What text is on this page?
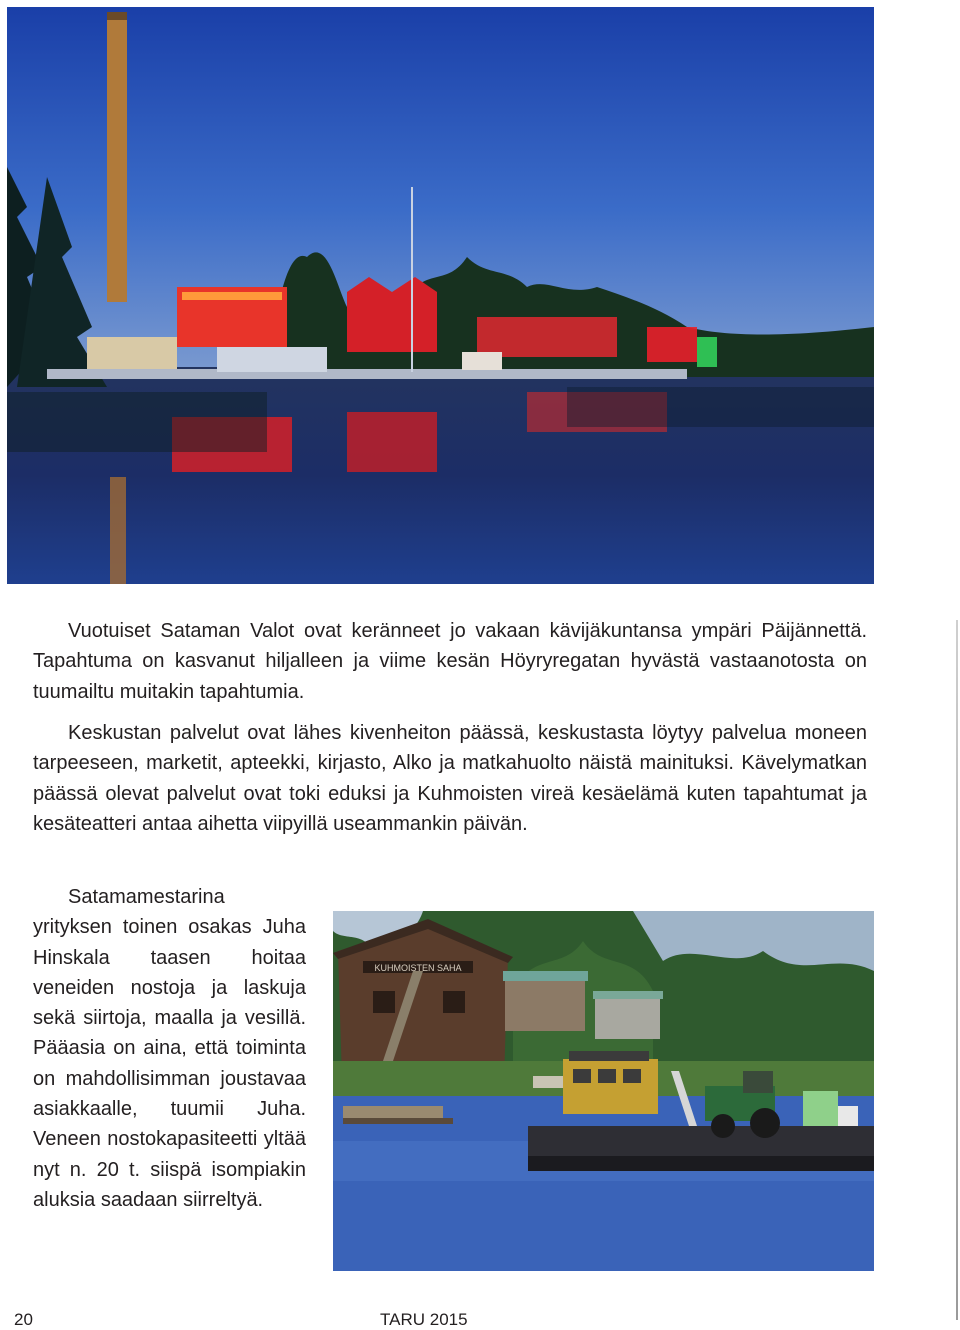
Vuotuiset Sataman Valot ovat keränneet jo vakaan kävijäkuntansa ympäri Päijännettä. Tapahtuma on kasvanut hiljalleen ja viime kesän Höyryregatan hyvästä vastaanotosta on tuumailtu muitakin tapahtumia.

Keskustan palvelut ovat lähes kivenheiton päässä, keskustasta löytyy palvelua moneen tarpeeseen, marketit, apteekki, kirjasto, Alko ja matkahuolto näistä mainituksi. Kävelymatkan päässä olevat palvelut ovat toki eduksi ja Kuhmoisten vireä kesäelämä kuten tapahtumat ja kesäteatteri antaa aihetta viipyillä useammankin päivän.

Satamamestarina yrityksen toinen osakas Juha Hinskala taasen hoitaa veneiden nostoja ja laskuja sekä siirtoja, maalla ja vesillä. Pääasia on aina, että toiminta on mahdollisimman joustavaa asiakkaalle, tuumii Juha. Veneen nostokapasiteetti yltää nyt n. 20 t. siispä isompiakin aluksia saadaan siirreltyä.

KUHMOISTEN SAHA
20	TARU 2015
